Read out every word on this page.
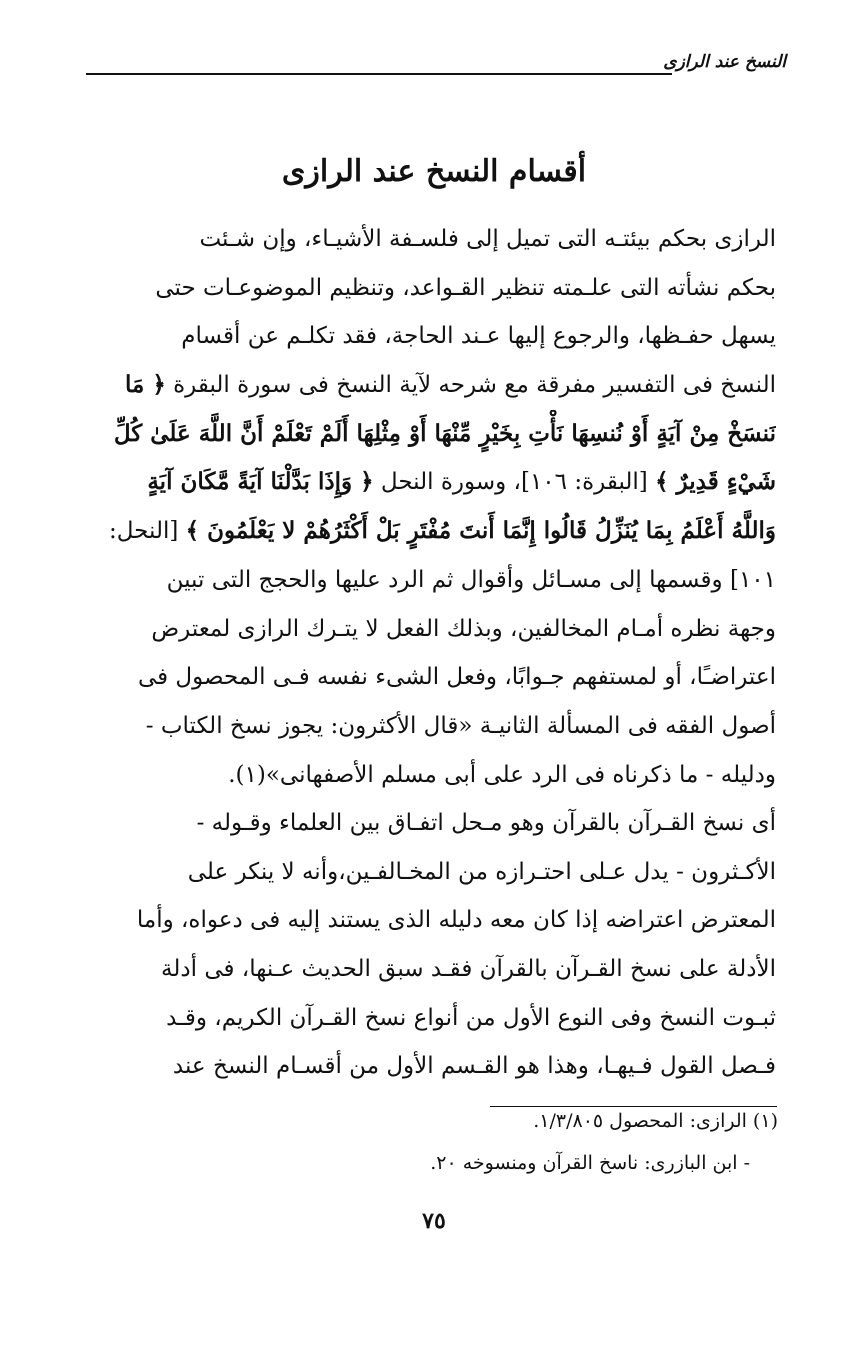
النسخ عند الرازى
أقسام النسخ عند الرازى
الرازى بحكم بيئتـه التى تميل إلى فلسـفة الأشيـاء، وإن شـئت
بحكم نشأته التى علـمته تنظير القـواعد، وتنظيم الموضوعـات حتى
يسهل حفـظها، والرجوع إليها عـند الحاجة، فقد تكلـم عن أقسام
النسخ فى التفسير مفرقة مع شرحه لآية النسخ فى سورة البقرة ﴿ مَا
نَنسَخْ مِنْ آيَةٍ أَوْ نُنسِهَا نَأْتِ بِخَيْرٍ مِّنْهَا أَوْ مِثْلِهَا أَلَمْ تَعْلَمْ أَنَّ اللَّهَ عَلَىٰ كُلِّ
شَيْءٍ قَدِيرٌ ﴾ [البقرة: ١٠٦]، وسورة النحل ﴿ وَإِذَا بَدَّلْنَا آيَةً مَّكَانَ آيَةٍ
وَاللَّهُ أَعْلَمُ بِمَا يُنَزِّلُ قَالُوا إِنَّمَا أَنتَ مُفْتَرٍ بَلْ أَكْثَرُهُمْ لا يَعْلَمُونَ ﴾ [النحل:
١٠١] وقسمها إلى مسـائل وأقوال ثم الرد عليها والحجج التى تبين
وجهة نظره أمـام المخالفين، وبذلك الفعل لا يتـرك الرازى لمعترض
اعتراضـًا، أو لمستفهم جـوابًا، وفعل الشىء نفسه فـى المحصول فى
أصول الفقه فى المسألة الثانيـة «قال الأكثرون: يجوز نسخ الكتاب -
ودليله - ما ذكرناه فى الرد على أبى مسلم الأصفهانى»(١).
أى نسخ القـرآن بالقرآن وهو مـحل اتفـاق بين العلماء وقـوله -
الأكـثرون - يدل عـلى احتـرازه من المخـالفـين،وأنه لا ينكر على
المعترض اعتراضه إذا كان معه دليله الذى يستند إليه فى دعواه، وأما
الأدلة على نسخ القـرآن بالقرآن فقـد سبق الحديث عـنها، فى أدلة
ثبـوت النسخ وفى النوع الأول من أنواع نسخ القـرآن الكريم، وقـد
فـصل القول فـيهـا، وهذا هو القـسم الأول من أقسـام النسخ عند
(١) الرازى: المحصول ١/٣/٨٠٥.
- ابن البازرى: ناسخ القرآن ومنسوخه ٢٠.
٧٥
